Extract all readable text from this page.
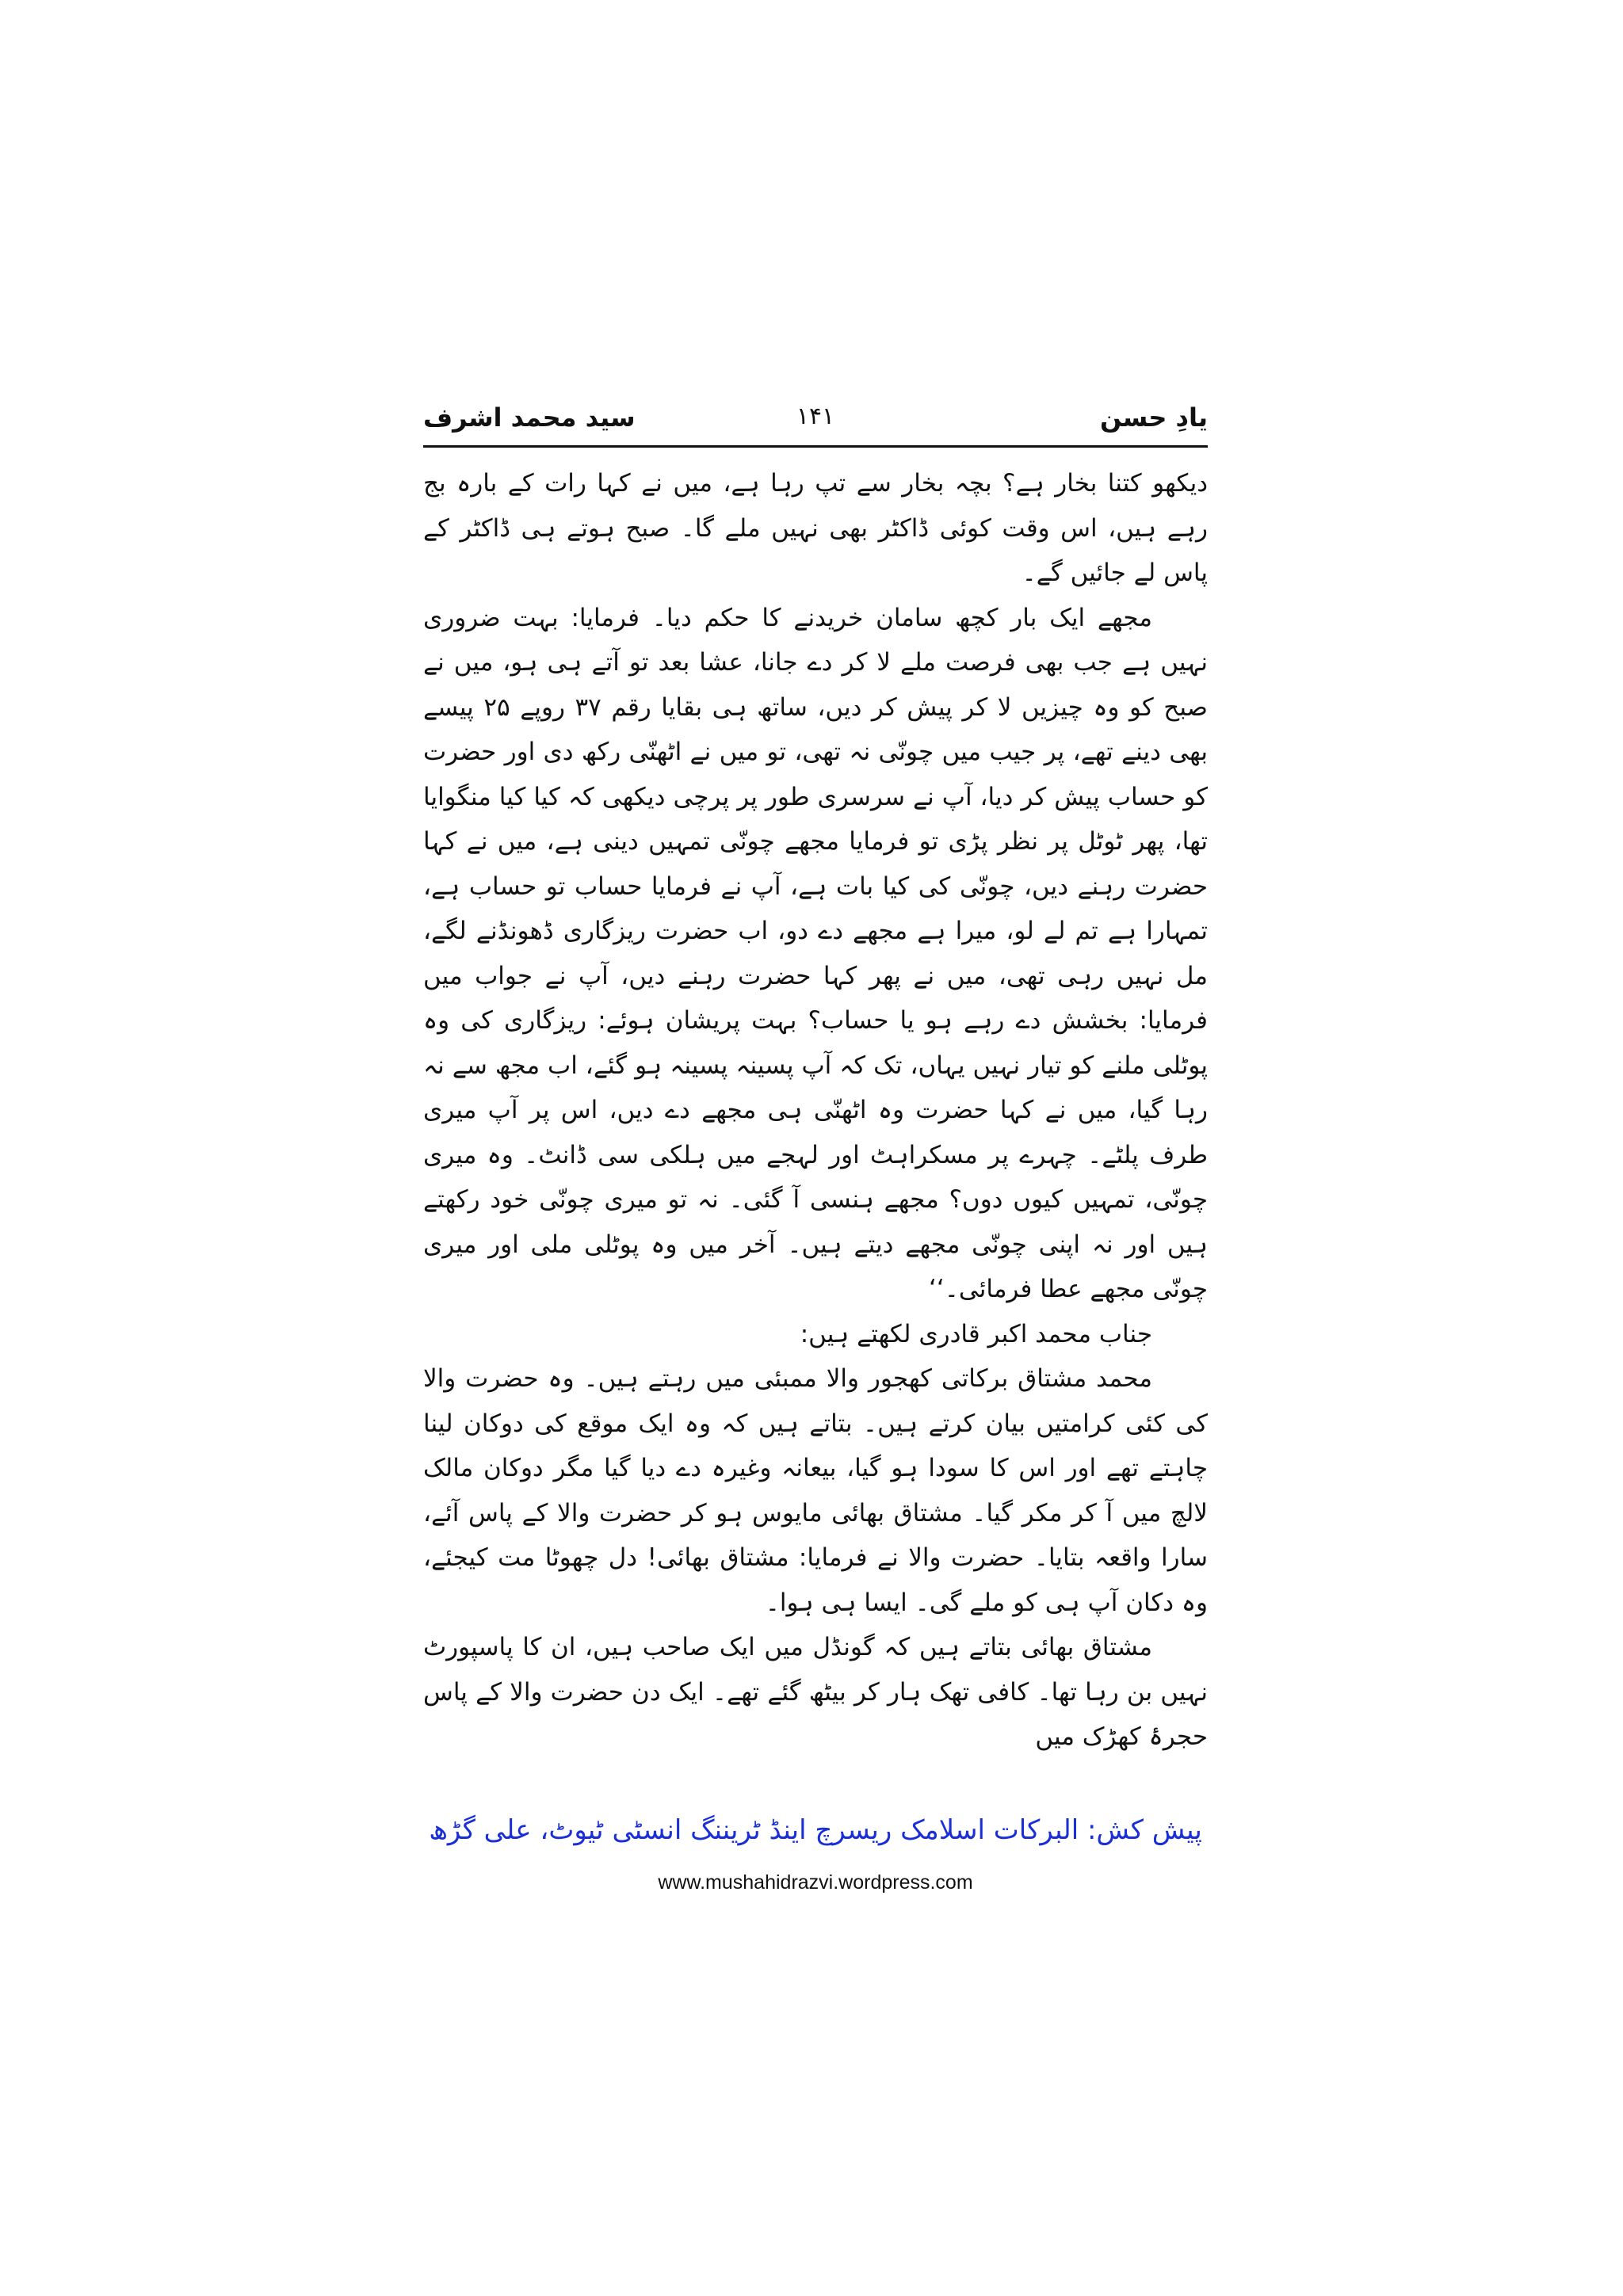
یادِ حسن
۱۴۱
سید محمد اشرف

دیکھو کتنا بخار ہے؟ بچہ بخار سے تپ رہا ہے، میں نے کہا رات کے بارہ بج رہے ہیں، اس وقت کوئی ڈاکٹر بھی نہیں ملے گا۔ صبح ہوتے ہی ڈاکٹر کے پاس لے جائیں گے۔

مجھے ایک بار کچھ سامان خریدنے کا حکم دیا۔ فرمایا: بہت ضروری نہیں ہے جب بھی فرصت ملے لا کر دے جانا، عشا بعد تو آتے ہی ہو، میں نے صبح کو وہ چیزیں لا کر پیش کر دیں، ساتھ ہی بقایا رقم ۳۷ روپے ۲۵ پیسے بھی دینے تھے، پر جیب میں چونّی نہ تھی، تو میں نے اٹھنّی رکھ دی اور حضرت کو حساب پیش کر دیا، آپ نے سرسری طور پر پرچی دیکھی کہ کیا کیا منگوایا تھا، پھر ٹوٹل پر نظر پڑی تو فرمایا مجھے چونّی تمہیں دینی ہے، میں نے کہا حضرت رہنے دیں، چونّی کی کیا بات ہے، آپ نے فرمایا حساب تو حساب ہے، تمہارا ہے تم لے لو، میرا ہے مجھے دے دو، اب حضرت ریزگاری ڈھونڈنے لگے، مل نہیں رہی تھی، میں نے پھر کہا حضرت رہنے دیں، آپ نے جواب میں فرمایا: بخشش دے رہے ہو یا حساب؟ بہت پریشان ہوئے: ریزگاری کی وہ پوٹلی ملنے کو تیار نہیں یہاں، تک کہ آپ پسینہ پسینہ ہو گئے، اب مجھ سے نہ رہا گیا، میں نے کہا حضرت وہ اٹھنّی ہی مجھے دے دیں، اس پر آپ میری طرف پلٹے۔ چہرے پر مسکراہٹ اور لہجے میں ہلکی سی ڈانٹ۔ وہ میری چونّی، تمہیں کیوں دوں؟ مجھے ہنسی آ گئی۔ نہ تو میری چونّی خود رکھتے ہیں اور نہ اپنی چونّی مجھے دیتے ہیں۔ آخر میں وہ پوٹلی ملی اور میری چونّی مجھے عطا فرمائی۔‘‘

جناب محمد اکبر قادری لکھتے ہیں:

محمد مشتاق برکاتی کھجور والا ممبئی میں رہتے ہیں۔ وہ حضرت والا کی کئی کرامتیں بیان کرتے ہیں۔ بتاتے ہیں کہ وہ ایک موقع کی دوکان لینا چاہتے تھے اور اس کا سودا ہو گیا، بیعانہ وغیرہ دے دیا گیا مگر دوکان مالک لالچ میں آ کر مکر گیا۔ مشتاق بھائی مایوس ہو کر حضرت والا کے پاس آئے، سارا واقعہ بتایا۔ حضرت والا نے فرمایا: مشتاق بھائی! دل چھوٹا مت کیجئے، وہ دکان آپ ہی کو ملے گی۔ ایسا ہی ہوا۔

مشتاق بھائی بتاتے ہیں کہ گونڈل میں ایک صاحب ہیں، ان کا پاسپورٹ نہیں بن رہا تھا۔ کافی تھک ہار کر بیٹھ گئے تھے۔ ایک دن حضرت والا کے پاس حجرۂ کھڑک میں

پیش کش: البرکات اسلامک ریسرچ اینڈ ٹریننگ انسٹی ٹیوٹ، علی گڑھ
www.mushahidrazvi.wordpress.com
